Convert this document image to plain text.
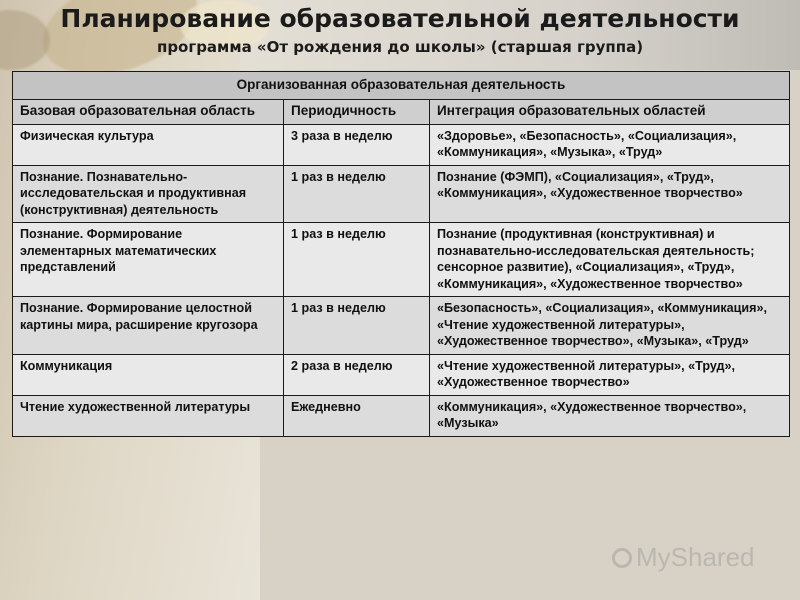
Планирование образовательной деятельности
программа «От рождения до школы» (старшая группа)
Организованная образовательная деятельность		
Базовая образовательная область	Периодичность	Интеграция образовательных областей
Физическая культура	3 раза в неделю	«Здоровье», «Безопасность», «Социализация», «Коммуникация», «Музыка», «Труд»
Познание. Познавательно-исследовательская и продуктивная (конструктивная) деятельность	1 раз в неделю	Познание (ФЭМП), «Социализация», «Труд», «Коммуникация», «Художественное творчество»
Познание. Формирование элементарных математических представлений	1 раз в неделю	Познание (продуктивная (конструктивная) и познавательно-исследовательская деятельность; сенсорное развитие), «Социализация», «Труд», «Коммуникация», «Художественное творчество»
Познание. Формирование целостной картины мира, расширение кругозора	1 раз в неделю	«Безопасность», «Социализация», «Коммуникация», «Чтение художественной литературы», «Художественное творчество», «Музыка», «Труд»
Коммуникация	2 раза в неделю	«Чтение художественной литературы», «Труд», «Художественное творчество»
Чтение художественной литературы	Ежедневно	«Коммуникация», «Художественное творчество», «Музыка»
MyShared
